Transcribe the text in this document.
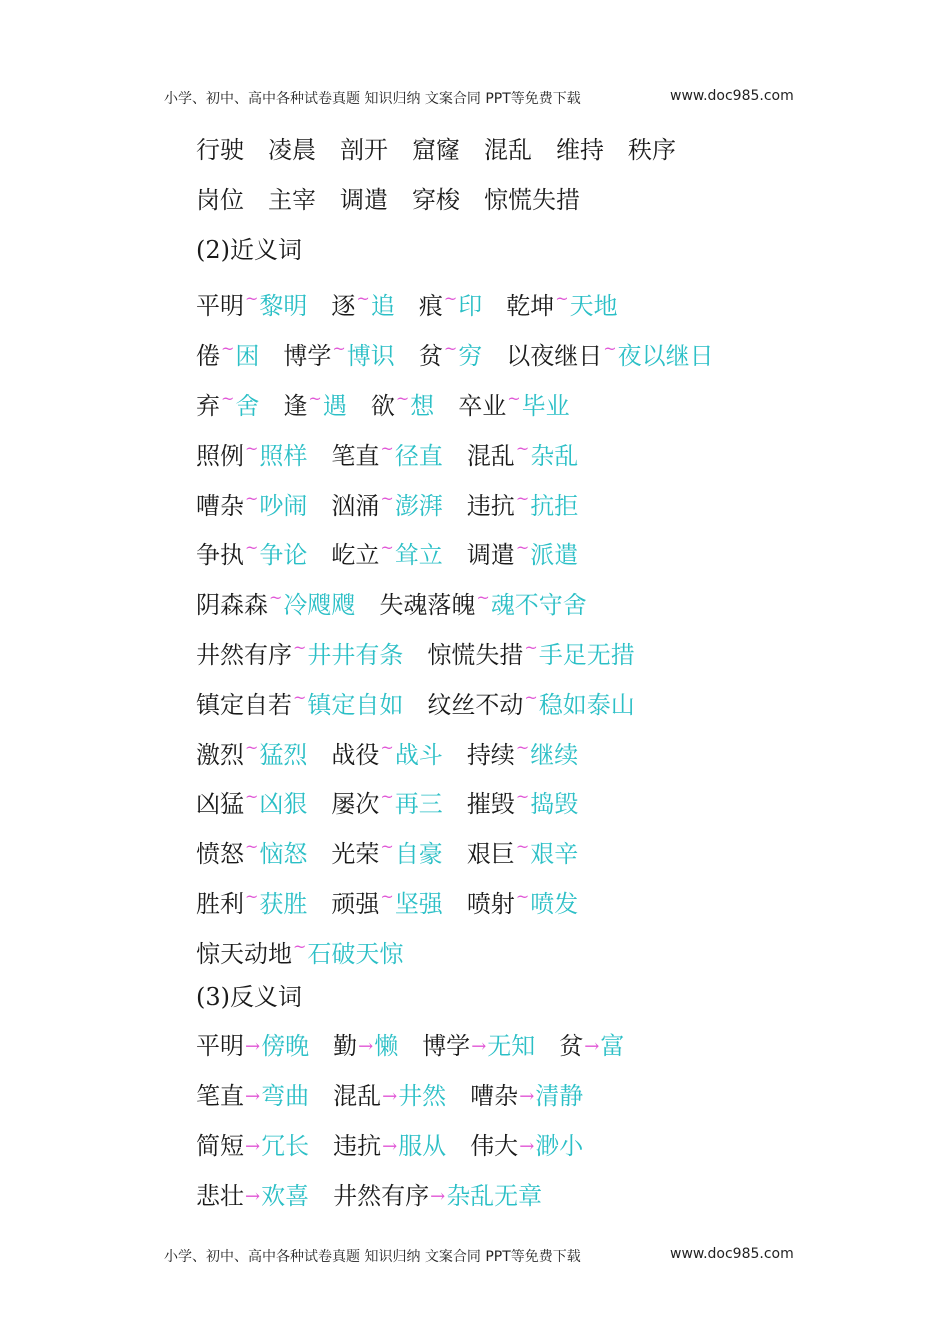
小学、初中、高中各种试卷真题 知识归纳 文案合同 PPT等免费下载	www.doc985.com
行驶 凌晨 剖开 窟窿 混乱 维持 秩序
岗位 主宰 调遣 穿梭 惊慌失措
(2)近义词
平明~黎明 逐~追 痕~印 乾坤~天地
倦~困 博学~博识 贫~穷 以夜继日~夜以继日
弃~舍 逢~遇 欲~想 卒业~毕业
照例~照样 笔直~径直 混乱~杂乱
嘈杂~吵闹 汹涌~澎湃 违抗~抗拒
争执~争论 屹立~耸立 调遣~派遣
阴森森~冷飕飕 失魂落魄~魂不守舍
井然有序~井井有条 惊慌失措~手足无措
镇定自若~镇定自如 纹丝不动~稳如泰山
激烈~猛烈 战役~战斗 持续~继续
凶猛~凶狠 屡次~再三 摧毁~捣毁
愤怒~恼怒 光荣~自豪 艰巨~艰辛
胜利~获胜 顽强~坚强 喷射~喷发
惊天动地~石破天惊
(3)反义词
平明→傍晚 勤→懒 博学→无知 贫→富
笔直→弯曲 混乱→井然 嘈杂→清静
简短→冗长 违抗→服从 伟大→渺小
悲壮→欢喜 井然有序→杂乱无章
小学、初中、高中各种试卷真题 知识归纳 文案合同 PPT等免费下载	www.doc985.com
